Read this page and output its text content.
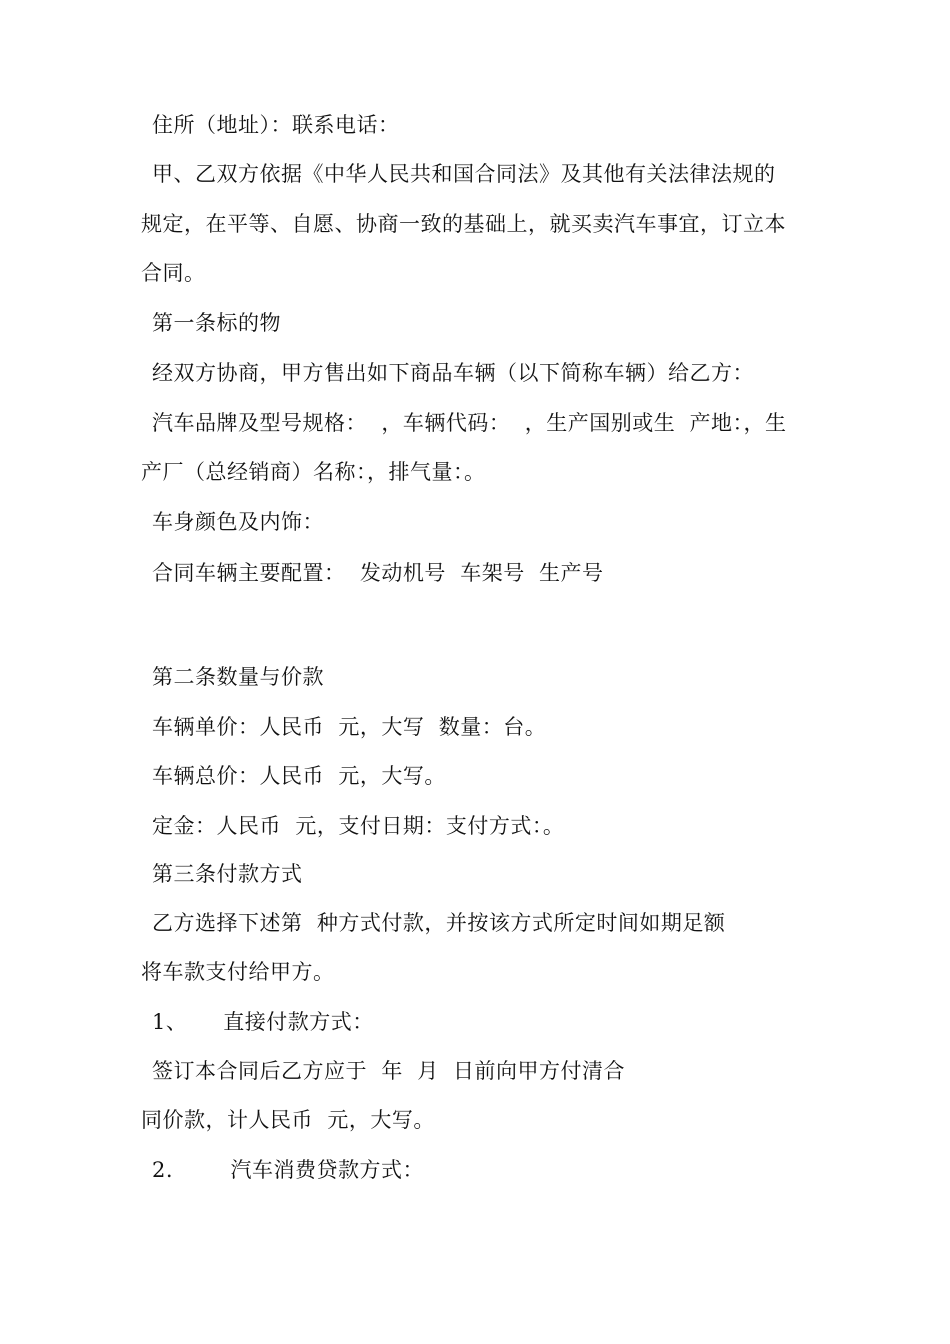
住所（地址）：联系电话：
甲、乙双方依据《中华人民共和国合同法》及其他有关法律法规的
规定，在平等、自愿、协商一致的基础上，就买卖汽车事宜，订立本
合同。
第一条标的物
经双方协商，甲方售出如下商品车辆（以下简称车辆）给乙方：
汽车品牌及型号规格：  ，车辆代码：  ，生产国别或生  产地：，生
产厂（总经销商）名称：，排气量：。
车身颜色及内饰：
合同车辆主要配置：  发动机号  车架号  生产号
第二条数量与价款
车辆单价：人民币  元，大写  数量：台。
车辆总价：人民币  元，大写。
定金：人民币  元，支付日期：支付方式：。
第三条付款方式
乙方选择下述第  种方式付款，并按该方式所定时间如期足额
将车款支付给甲方。
1、     直接付款方式：
签订本合同后乙方应于  年  月  日前向甲方付清合
同价款，计人民币  元，大写。
2.        汽车消费贷款方式：
